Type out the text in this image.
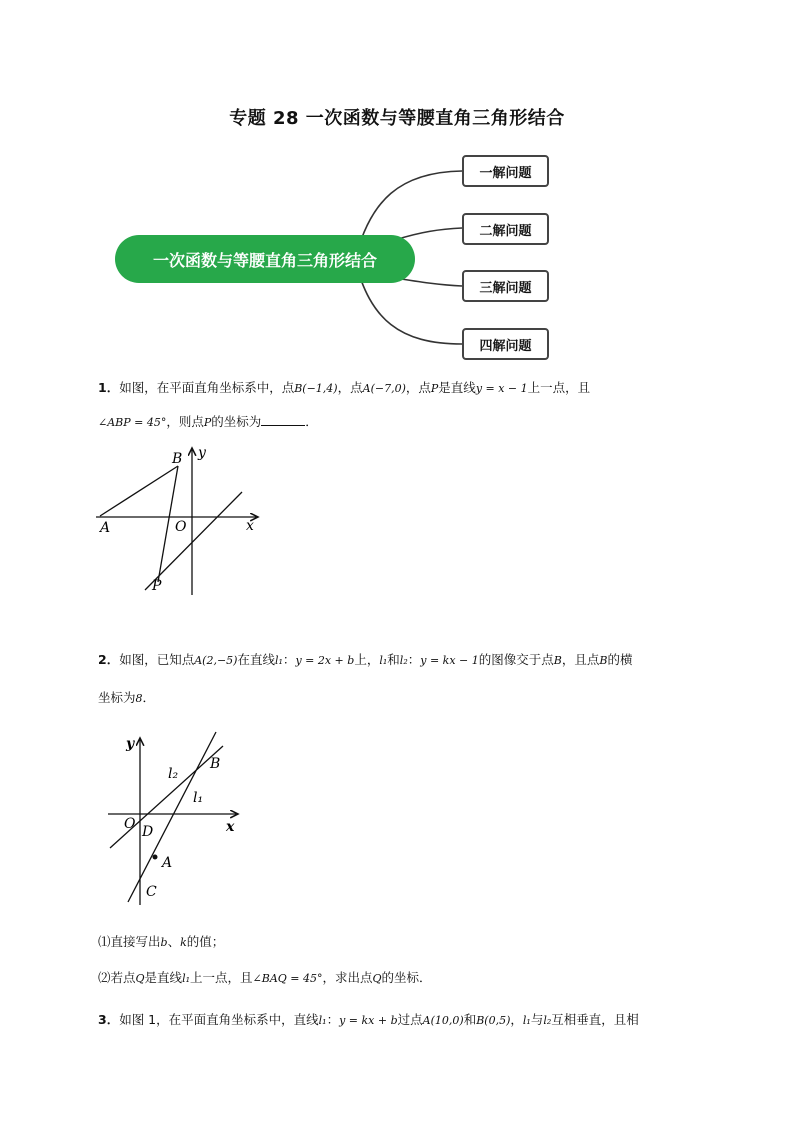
专题 28 一次函数与等腰直角三角形结合
一次函数与等腰直角三角形结合
一解问题
二解问题
三解问题
四解问题
1．如图，在平面直角坐标系中，点B(−1,4)，点A(−7,0)，点P是直线y = x − 1上一点，且
∠ABP = 45°，则点P的坐标为	．
B y
A	O	x
P
2．如图，已知点A(2,−5)在直线l₁：y = 2x + b上，l₁和l₂：y = kx − 1的图像交于点B，且点B的横
坐标为8．
y
l₂
B
l₁
O D	x
A
C
⑴直接写出b、k的值；
⑵若点Q是直线l₁上一点，且∠BAQ = 45°，求出点Q的坐标．
3．如图 1，在平面直角坐标系中，直线l₁：y = kx + b过点A(10,0)和B(0,5)，l₁与l₂互相垂直，且相
